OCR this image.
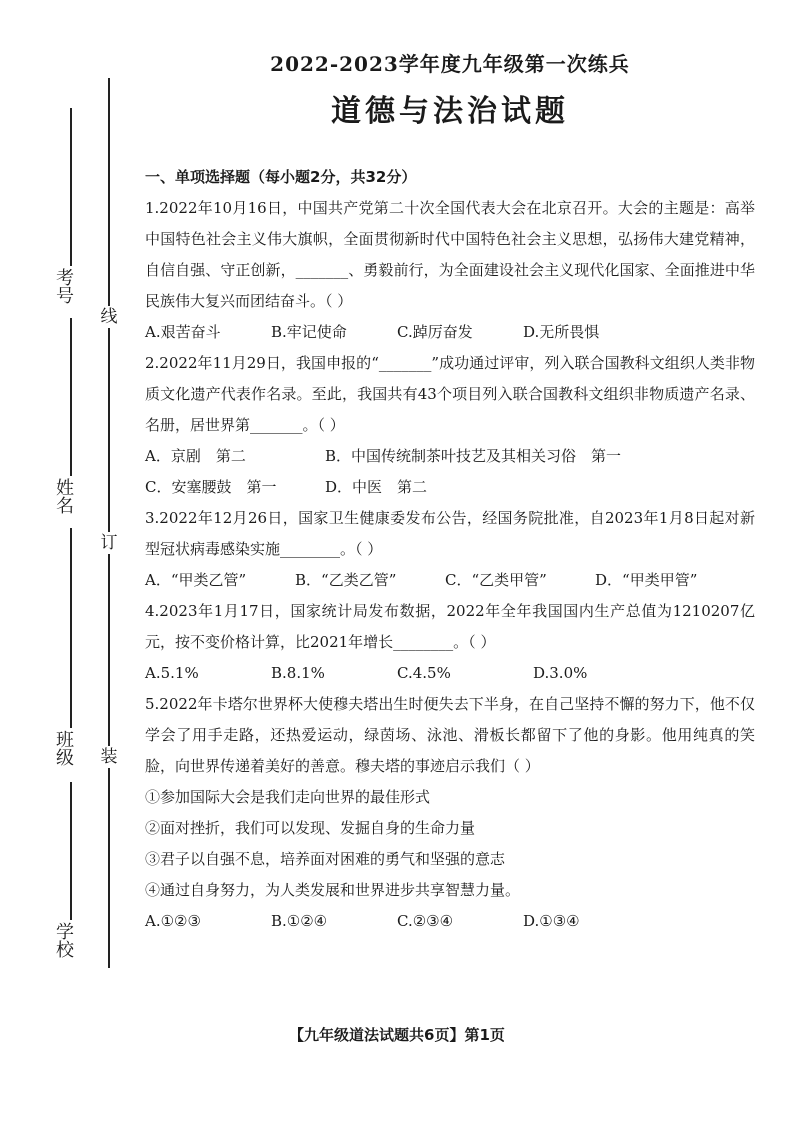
考号
姓名
班级
学校
线
订
装
2022-2023学年度九年级第一次练兵
道德与法治试题
一、单项选择题（每小题2分，共32分）
1.2022年10月16日，中国共产党第二十次全国代表大会在北京召开。大会的主题是：高举中国特色社会主义伟大旗帜，全面贯彻新时代中国特色社会主义思想，弘扬伟大建党精神，自信自强、守正创新，_______、勇毅前行，为全面建设社会主义现代化国家、全面推进中华民族伟大复兴而团结奋斗。（ ）
A.艰苦奋斗	B.牢记使命	C.踔厉奋发	D.无所畏惧
2.2022年11月29日，我国申报的“_______”成功通过评审，列入联合国教科文组织人类非物质文化遗产代表作名录。至此，我国共有43个项目列入联合国教科文组织非物质遗产名录、名册，居世界第_______。（ ）
A．京剧　第二	B．中国传统制茶叶技艺及其相关习俗　第一
C．安塞腰鼓　第一	D．中医　第二
3.2022年12月26日，国家卫生健康委发布公告，经国务院批准，自2023年1月8日起对新型冠状病毒感染实施________。（ ）
A．“甲类乙管”	B．“乙类乙管”	C．“乙类甲管”	D．“甲类甲管”
4.2023年1月17日，国家统计局发布数据，2022年全年我国国内生产总值为1210207亿元，按不变价格计算，比2021年增长________。（ ）
A.5.1%	B.8.1%	C.4.5%	D.3.0%
5.2022年卡塔尔世界杯大使穆夫塔出生时便失去下半身，在自己坚持不懈的努力下，他不仅学会了用手走路，还热爱运动，绿茵场、泳池、滑板长都留下了他的身影。他用纯真的笑脸，向世界传递着美好的善意。穆夫塔的事迹启示我们（ ）
①参加国际大会是我们走向世界的最佳形式
②面对挫折，我们可以发现、发掘自身的生命力量
③君子以自强不息，培养面对困难的勇气和坚强的意志
④通过自身努力，为人类发展和世界进步共享智慧力量。
A.①②③	B.①②④	C.②③④	D.①③④
【九年级道法试题共6页】第1页
